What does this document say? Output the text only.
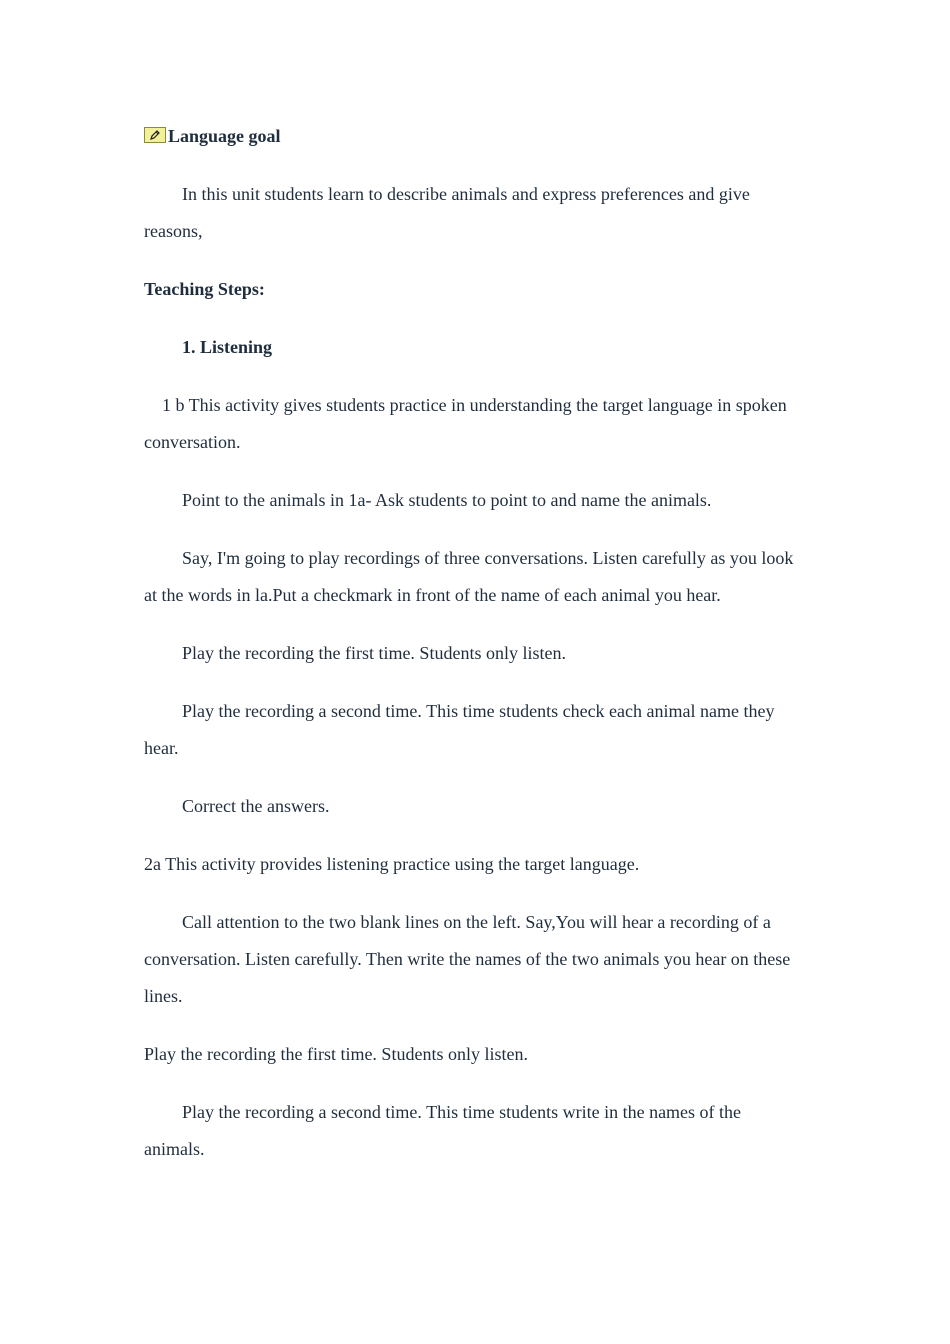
Language goal

In this unit students learn to describe animals and express preferences and give reasons,

Teaching Steps:

1. Listening

1 b This activity gives students practice in understanding the target language in spoken conversation.

Point to the animals in 1a- Ask students to point to and name the animals.

Say, I'm going to play recordings of three conversations. Listen carefully as you look at the words in la.Put a checkmark in front of the name of each animal you hear.

Play the recording the first time. Students only listen.

Play the recording a second time. This time students check each animal name they hear.

Correct the answers.

2a This activity provides listening practice using the target language.

Call attention to the two blank lines on the left. Say,You will hear a recording of a conversation. Listen carefully. Then write the names of the two animals you hear on these lines.

Play the recording the first time. Students only listen.

Play the recording a second time. This time students write in the names of the animals.
